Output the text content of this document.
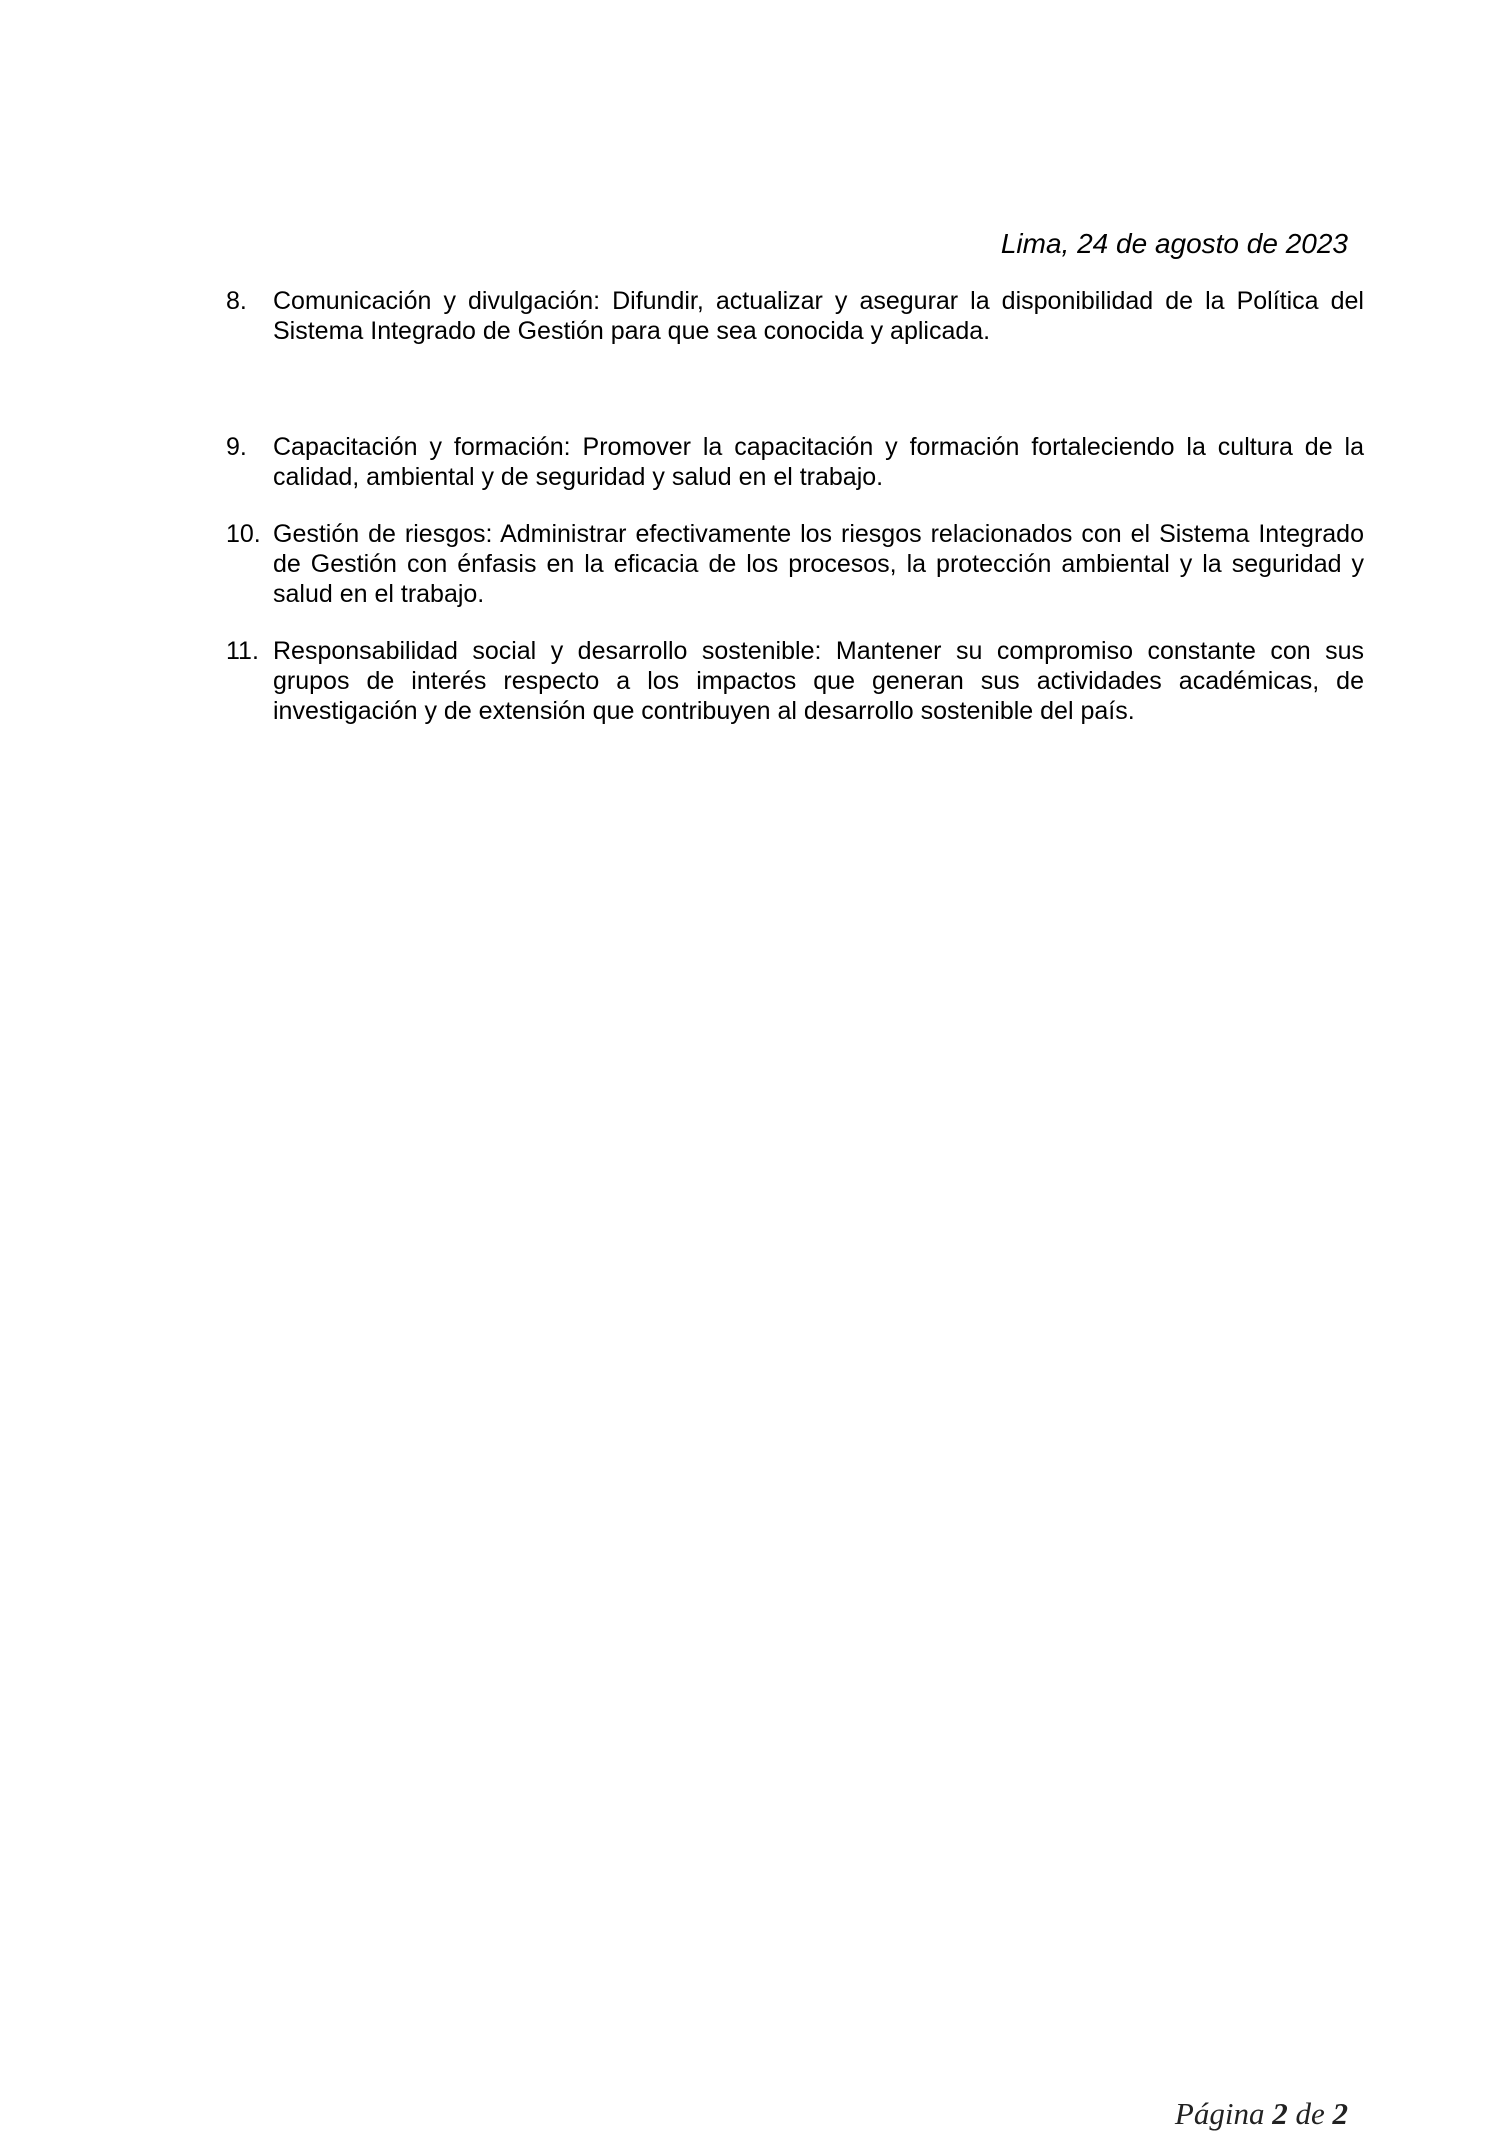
Lima, 24 de agosto de 2023
8. Comunicación y divulgación: Difundir, actualizar y asegurar la disponibilidad de la Política del Sistema Integrado de Gestión para que sea conocida y aplicada.
9. Capacitación y formación: Promover la capacitación y formación fortaleciendo la cultura de la calidad, ambiental y de seguridad y salud en el trabajo.
10. Gestión de riesgos: Administrar efectivamente los riesgos relacionados con el Sistema Integrado de Gestión con énfasis en la eficacia de los procesos, la protección ambiental y la seguridad y salud en el trabajo.
11. Responsabilidad social y desarrollo sostenible: Mantener su compromiso constante con sus grupos de interés respecto a los impactos que generan sus actividades académicas, de investigación y de extensión que contribuyen al desarrollo sostenible del país.
Página 2 de 2
